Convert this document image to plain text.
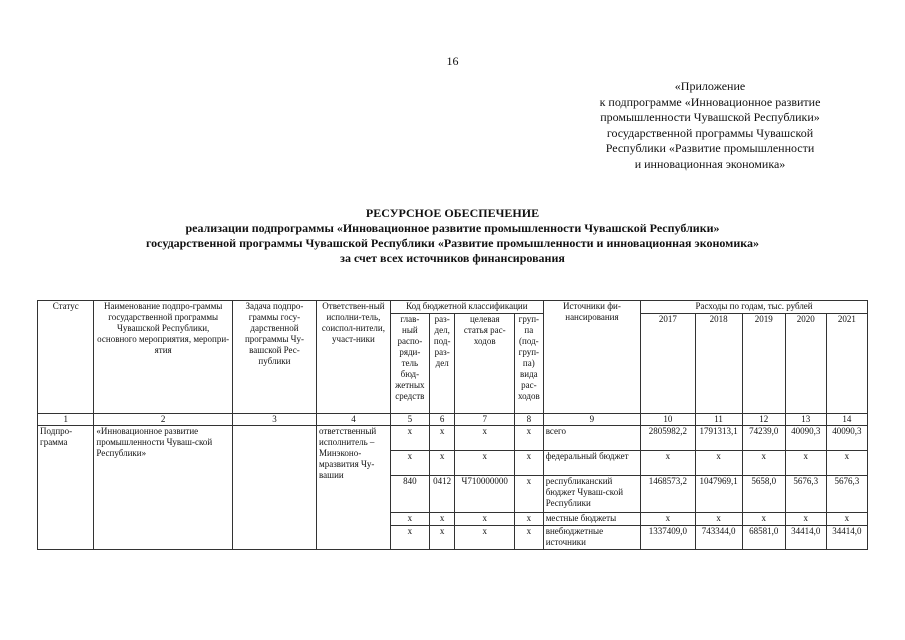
16
«Приложение
к подпрограмме «Инновационное развитие
промышленности Чувашской Республики»
государственной программы Чувашской
Республики «Развитие промышленности
и инновационная экономика»
РЕСУРСНОЕ ОБЕСПЕЧЕНИЕ
реализации подпрограммы «Инновационное развитие промышленности Чувашской Республики»
государственной программы Чувашской Республики «Развитие промышленности и инновационная экономика»
за счет всех источников финансирования
Статус	Наименование подпро-граммы государственной программы Чувашской Республики, основного мероприятия, меропри-ятия	Задача подпро-граммы госу-дарственной программы Чу-вашской Рес-публики	Ответствен-ный исполни-тель, соиспол-нители, участ-ники	Код бюджетной классификации				Источники фи-нансирования	Расходы по годам, тыс. рублей				
				глав-ный распо-ряди-тель бюд-жетных средств	раз-дел, под-раз-дел	целевая статья рас-ходов	груп-па (под-груп-па) вида рас-ходов		2017	2018	2019	2020	2021
1	2	3	4	5	6	7	8	9	10	11	12	13	14
Подпро-грамма	«Инновационное развитие промышленности Чуваш-ской Республики»		ответственный исполнитель – Минэконо-мразвития Чу-вашии	x	x	x	x	всего	2805982,2	1791313,1	74239,0	40090,3	40090,3
				x	x	x	x	федеральный бюджет	x	x	x	x	x
				840	0412	Ч710000000	x	республиканский бюджет Чуваш-ской Республики	1468573,2	1047969,1	5658,0	5676,3	5676,3
				x	x	x	x	местные бюджеты	x	x	x	x	x
				x	x	x	x	внебюджетные источники	1337409,0	743344,0	68581,0	34414,0	34414,0
